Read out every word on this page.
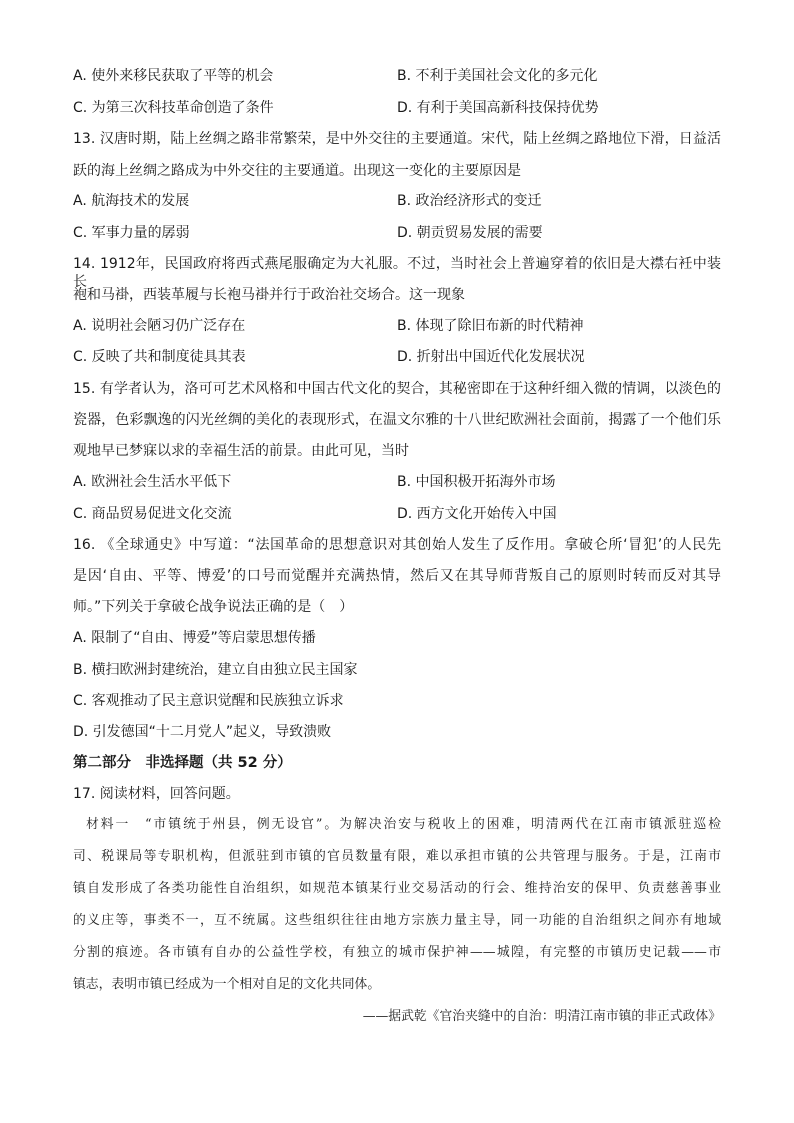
A. 使外来移民获取了平等的机会	B. 不利于美国社会文化的多元化
C. 为第三次科技革命创造了条件	D. 有利于美国高新科技保持优势
13. 汉唐时期，陆上丝绸之路非常繁荣，是中外交往的主要通道。宋代，陆上丝绸之路地位下滑，日益活
跃的海上丝绸之路成为中外交往的主要通道。出现这一变化的主要原因是
A. 航海技术的发展	B. 政治经济形式的变迁
C. 军事力量的孱弱	D. 朝贡贸易发展的需要
14. 1912年，民国政府将西式燕尾服确定为大礼服。不过，当时社会上普遍穿着的依旧是大襟右衽中装长
袍和马褂，西装革履与长袍马褂并行于政治社交场合。这一现象
A. 说明社会陋习仍广泛存在	B. 体现了除旧布新的时代精神
C. 反映了共和制度徒具其表	D. 折射出中国近代化发展状况
15. 有学者认为，洛可可艺术风格和中国古代文化的契合，其秘密即在于这种纤细入微的情调，以淡色的
瓷器，色彩飘逸的闪光丝绸的美化的表现形式，在温文尔雅的十八世纪欧洲社会面前，揭露了一个他们乐
观地早已梦寐以求的幸福生活的前景。由此可见，当时
A. 欧洲社会生活水平低下	B. 中国积极开拓海外市场
C. 商品贸易促进文化交流	D. 西方文化开始传入中国
16. 《全球通史》中写道：“法国革命的思想意识对其创始人发生了反作用。拿破仑所‘冒犯’的人民先
是因‘自由、平等、博爱’的口号而觉醒并充满热情，然后又在其导师背叛自己的原则时转而反对其导
师。”下列关于拿破仑战争说法正确的是（　）
A. 限制了“自由、博爱”等启蒙思想传播
B. 横扫欧洲封建统治，建立自由独立民主国家
C. 客观推动了民主意识觉醒和民族独立诉求
D. 引发德国“十二月党人”起义，导致溃败
第二部分　非选择题（共 52 分）
17. 阅读材料，回答问题。
材料一　“市镇统于州县，例无设官”。为解决治安与税收上的困难，明清两代在江南市镇派驻巡检
司、税课局等专职机构，但派驻到市镇的官员数量有限，难以承担市镇的公共管理与服务。于是，江南市
镇自发形成了各类功能性自治组织，如规范本镇某行业交易活动的行会、维持治安的保甲、负责慈善事业
的义庄等，事类不一，互不统属。这些组织往往由地方宗族力量主导，同一功能的自治组织之间亦有地域
分割的痕迹。各市镇有自办的公益性学校，有独立的城市保护神——城隍，有完整的市镇历史记载——市
镇志，表明市镇已经成为一个相对自足的文化共同体。
——据武乾《官治夹缝中的自治：明清江南市镇的非正式政体》
